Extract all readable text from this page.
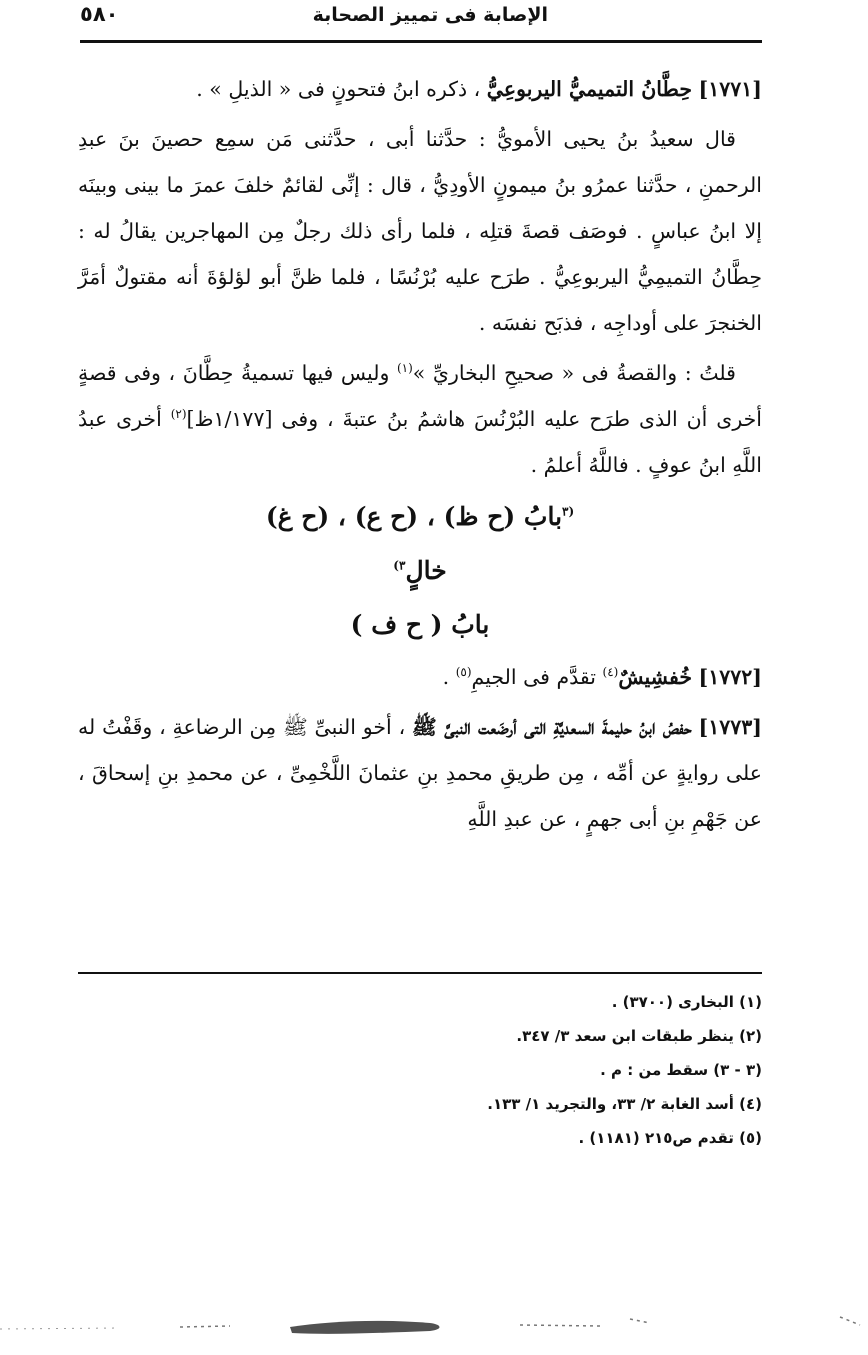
الإصابة فى تمييز الصحابة
٥٨٠

[١٧٧١] حِطَّانُ التميميُّ اليربوعِيُّ ، ذكره ابنُ فتحونٍ فى « الذيلِ » .

قال سعيدُ بنُ يحيى الأمويُّ : حدَّثنا أبى ، حدَّثنى مَن سمِع حصينَ بنَ عبدِ الرحمنِ ، حدَّثنا عمرُو بنُ ميمونٍ الأودِيُّ ، قال : إنِّى لقائمٌ خلفَ عمرَ ما بينى وبينَه إلا ابنُ عباسٍ . فوصَف قصةَ قتلِه ، فلما رأى ذلك رجلٌ مِن المهاجرين يقالُ له : حِطَّانُ التميمِيُّ اليربوعِيُّ . طرَح عليه بُرْنُسًا ، فلما ظنَّ أبو لؤلؤةَ أنه مقتولٌ أمَرَّ الخنجرَ على أوداجِه ، فذبَح نفسَه .

قلتُ : والقصةُ فى « صحيحِ البخاريِّ »$^{(١)}$ وليس فيها تسميةُ حِطَّانَ ، وفى قصةٍ أخرى أن الذى طرَح عليه البُرْنُسَ هاشمُ بنُ عتبةَ ، وفى [١/١٧٧ظ]$^{(٢)}$ أخرى عبدُ اللَّهِ ابنُ عوفٍ . فاللَّهُ أعلمُ .

$^{(٣}$بابُ (ح ظ) ، (ح ع) ، (ح غ)

خالٍ$^{٣)}$

بابُ ( ح ف )

[١٧٧٢] خُفشِيشٌ$^{(٤)}$ تقدَّم فى الجيمِ$^{(٥)}$ .

[١٧٧٣] حفصُ ابنُ حليمةَ السعديَّةِ التى أرضَعت النبىَّ ﷺ ، أخو النبىِّ ﷺ مِن الرضاعةِ ، وقَفْتُ له على روايةٍ عن أمِّه ، مِن طريقِ محمدِ بنِ عثمانَ اللَّخْمِىِّ ، عن محمدِ بنِ إسحاقَ ، عن جَهْمِ بنِ أبى جهمٍ ، عن عبدِ اللَّهِ

(١) البخارى (٣٧٠٠) .
(٢) ينظر طبقات ابن سعد ٣/ ٣٤٧.
(٣ - ٣) سقط من : م .
(٤) أسد الغابة ٢/ ٣٣، والتجريد ١/ ١٣٣.
(٥) تقدم ص٢١٥ (١١٨١) .
